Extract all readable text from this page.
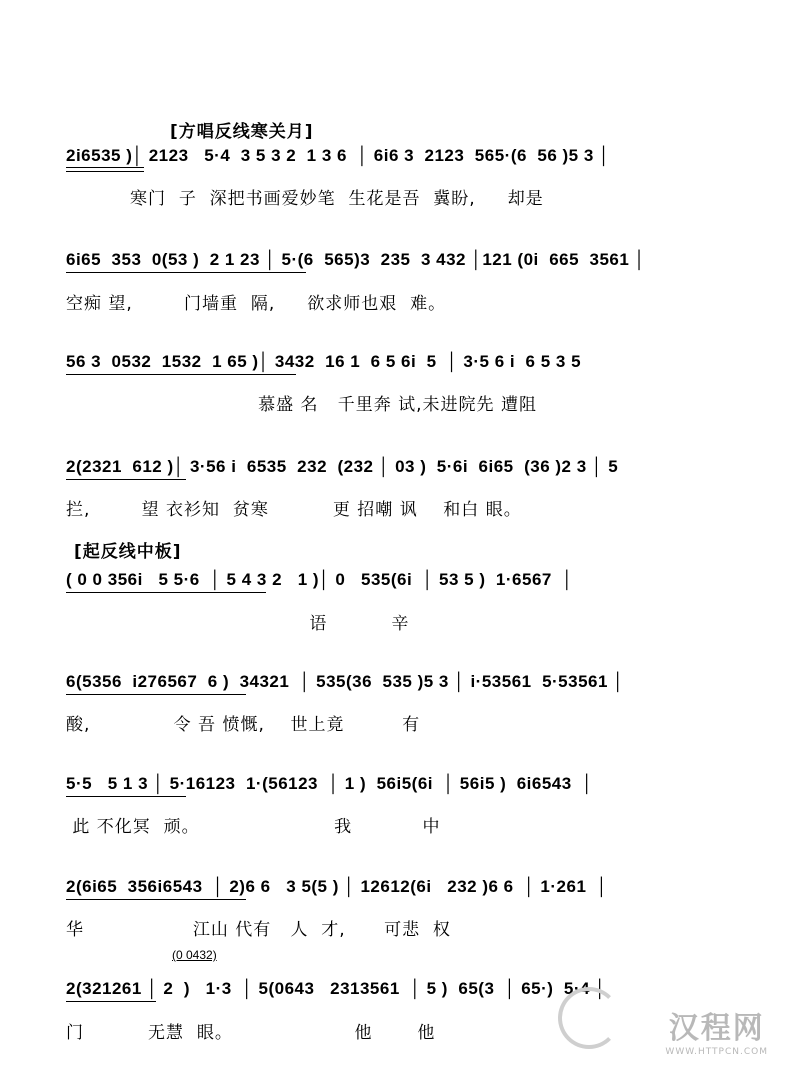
[方唱反线寒关月]
2i6535 )│ 2123   5·4  3 5 3 2  1 3 6  │ 6i6 3  2123  565·(6  56 )5 3 │
寒门  子  深把书画爱妙笔  生花是吾  冀盼,     却是
6i65  353  0(53 )  2 1 23 │ 5·(6  565)3  235  3 432 │121 (0i  665  3561 │
空痴 望,        门墙重  隔,     欲求师也艰  难。
56 3  0532  1532  1 65 )│ 3432  16 1  6 5 6i  5  │ 3·5 6 i  6 5 3 5
慕盛 名   千里奔 试,未进院先 遭阻
2(2321  612 )│ 3·56 i  6535  232  (232 │ 03 )  5·6i  6i65  (36 )2 3 │ 5
拦,        望 衣衫知  贫寒          更 招嘲 讽    和白 眼。
[起反线中板]
( 0 0 356i   5 5·6  │ 5 4 3 2   1 )│ 0   535(6i  │ 53 5 )  1·6567  │
语          辛
6(5356  i276567  6 )  34321  │ 535(36  535 )5 3 │ i·53561  5·53561 │
酸,             令 吾 愤慨,    世上竟         有
5·5   5 1 3 │ 5·16123  1·(56123  │ 1 )  56i5(6i  │ 56i5 )  6i6543  │
此 不化冥  顽。                     我           中
2(6i65  356i6543  │ 2)6 6   3 5(5 ) │ 12612(6i   232 )6 6  │ 1·261  │
华                 江山 代有   人  才,      可悲  权
(0 0432)
2(321261 │ 2  )   1·3  │ 5(0643   2313561  │ 5 )  65(3  │ 65·)  5·4 │
门          无慧  眼。                   他       他	汉程网
WWW.HTTPCN.COM
